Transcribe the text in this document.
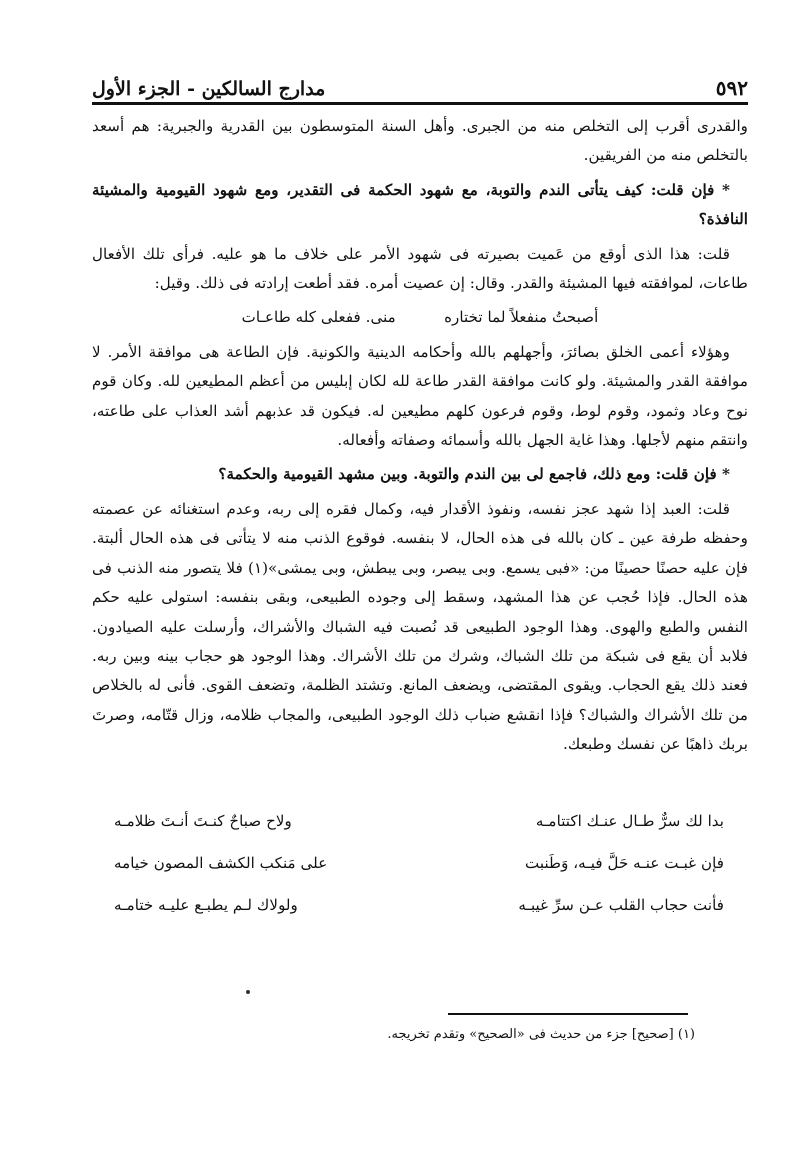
٥٩٢
مدارج السالكين - الجزء الأول

والقدرى أقرب إلى التخلص منه من الجبرى. وأهل السنة المتوسطون بين القدرية والجبرية: هم أسعد بالتخلص منه من الفريقين.

* فإن قلت: كيف يتأتى الندم والتوبة، مع شهود الحكمة فى التقدير، ومع شهود القيومية والمشيئة النافذة؟

قلت: هذا الذى أوقع من عَميت بصيرته فى شهود الأمر على خلاف ما هو عليه. فرأى تلك الأفعال طاعات، لموافقته فيها المشيئة والقدر. وقال: إن عصيت أمره. فقد أطعت إرادته فى ذلك. وقيل:

أصبحتُ منفعلاً لما تختاره          منى. ففعلى كله طاعـات

وهؤلاء أعمى الخلق بصائرَ، وأجهلهم بالله وأحكامه الدينية والكونية. فإن الطاعة هى موافقة الأمر. لا موافقة القدر والمشيئة. ولو كانت موافقة القدر طاعة لله لكان إبليس من أعظم المطيعين لله. وكان قوم نوح وعاد وثمود، وقوم لوط، وقوم فرعون كلهم مطيعين له. فيكون قد عذبهم أشد العذاب على طاعته، وانتقم منهم لأجلها. وهذا غاية الجهل بالله وأسمائه وصفاته وأفعاله.

* فإن قلت: ومع ذلك، فاجمع لى بين الندم والتوبة. وبين مشهد القيومية والحكمة؟

قلت: العبد إذا شهد عجز نفسه، ونفوذ الأقدار فيه، وكمال فقره إلى ربه، وعدم استغنائه عن عصمته وحفظه طرفة عين ـ كان بالله فى هذه الحال، لا بنفسه. فوقوع الذنب منه لا يتأتى فى هذه الحال ألبتة. فإن عليه حصنًا حصينًا من: «فبى يسمع. وبى يبصر، وبى يبطش، وبى يمشى»(١) فلا يتصور منه الذنب فى هذه الحال. فإذا حُجب عن هذا المشهد، وسقط إلى وجوده الطبيعى، وبقى بنفسه: استولى عليه حكم النفس والطبع والهوى. وهذا الوجود الطبيعى قد نُصبت فيه الشباك والأشراك، وأرسلت عليه الصيادون. فلابد أن يقع فى شبكة من تلك الشباك، وشرك من تلك الأشراك. وهذا الوجود هو حجاب بينه وبين ربه. فعند ذلك يقع الحجاب. ويقوى المقتضى، ويضعف المانع. وتشتد الظلمة، وتضعف القوى. فأنى له بالخلاص من تلك الأشراك والشباك؟ فإذا انقشع ضباب ذلك الوجود الطبيعى، والمجاب ظلامه، وزال قتّامه، وصرتَ بربك ذاهبًا عن نفسك وطبعك.

بدا لك سرٌّ طـال عنـك اكتتامـه
ولاح صباحٌ كنـتَ أنـتَ ظلامـه
فإن غبـت عنـه حَلَّ فيـه، وَطَنبت
على مَنكب الكشف المصون خيامه
فأنت حجاب القلب عـن سرِّ غيبـه
ولولاك لـم يطبـع عليـه ختامـه
(١) [صحيح] جزء من حديث فى «الصحيح» وتقدم تخريجه.
